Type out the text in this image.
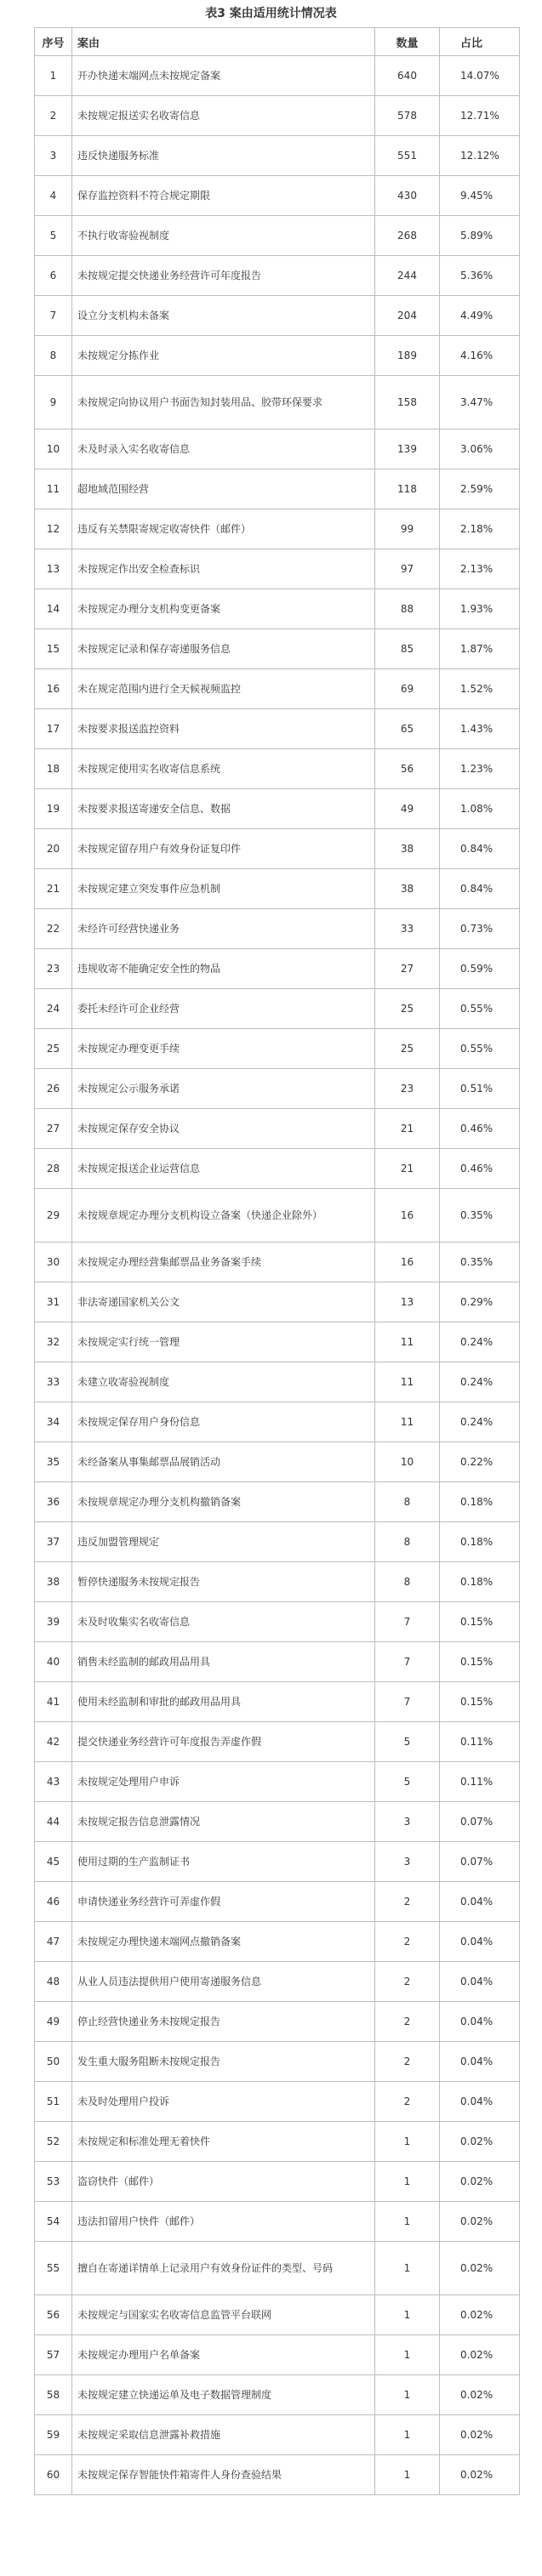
表3 案由适用统计情况表
序号	案由	数量	占比
1	开办快递末端网点未按规定备案	640	14.07%
2	未按规定报送实名收寄信息	578	12.71%
3	违反快递服务标准	551	12.12%
4	保存监控资料不符合规定期限	430	9.45%
5	不执行收寄验视制度	268	5.89%
6	未按规定提交快递业务经营许可年度报告	244	5.36%
7	设立分支机构未备案	204	4.49%
8	未按规定分拣作业	189	4.16%
9	未按规定向协议用户书面告知封装用品、胶带环保要求	158	3.47%
10	未及时录入实名收寄信息	139	3.06%
11	超地域范围经营	118	2.59%
12	违反有关禁限寄规定收寄快件（邮件）	99	2.18%
13	未按规定作出安全检查标识	97	2.13%
14	未按规定办理分支机构变更备案	88	1.93%
15	未按规定记录和保存寄递服务信息	85	1.87%
16	未在规定范围内进行全天候视频监控	69	1.52%
17	未按要求报送监控资料	65	1.43%
18	未按规定使用实名收寄信息系统	56	1.23%
19	未按要求报送寄递安全信息、数据	49	1.08%
20	未按规定留存用户有效身份证复印件	38	0.84%
21	未按规定建立突发事件应急机制	38	0.84%
22	未经许可经营快递业务	33	0.73%
23	违规收寄不能确定安全性的物品	27	0.59%
24	委托未经许可企业经营	25	0.55%
25	未按规定办理变更手续	25	0.55%
26	未按规定公示服务承诺	23	0.51%
27	未按规定保存安全协议	21	0.46%
28	未按规定报送企业运营信息	21	0.46%
29	未按规章规定办理分支机构设立备案（快递企业除外）	16	0.35%
30	未按规定办理经营集邮票品业务备案手续	16	0.35%
31	非法寄递国家机关公文	13	0.29%
32	未按规定实行统一管理	11	0.24%
33	未建立收寄验视制度	11	0.24%
34	未按规定保存用户身份信息	11	0.24%
35	未经备案从事集邮票品展销活动	10	0.22%
36	未按规章规定办理分支机构撤销备案	8	0.18%
37	违反加盟管理规定	8	0.18%
38	暂停快递服务未按规定报告	8	0.18%
39	未及时收集实名收寄信息	7	0.15%
40	销售未经监制的邮政用品用具	7	0.15%
41	使用未经监制和审批的邮政用品用具	7	0.15%
42	提交快递业务经营许可年度报告弄虚作假	5	0.11%
43	未按规定处理用户申诉	5	0.11%
44	未按规定报告信息泄露情况	3	0.07%
45	使用过期的生产监制证书	3	0.07%
46	申请快递业务经营许可弄虚作假	2	0.04%
47	未按规定办理快递末端网点撤销备案	2	0.04%
48	从业人员违法提供用户使用寄递服务信息	2	0.04%
49	停止经营快递业务未按规定报告	2	0.04%
50	发生重大服务阻断未按规定报告	2	0.04%
51	未及时处理用户投诉	2	0.04%
52	未按规定和标准处理无着快件	1	0.02%
53	盗窃快件（邮件）	1	0.02%
54	违法扣留用户快件（邮件）	1	0.02%
55	擅自在寄递详情单上记录用户有效身份证件的类型、号码	1	0.02%
56	未按规定与国家实名收寄信息监管平台联网	1	0.02%
57	未按规定办理用户名单备案	1	0.02%
58	未按规定建立快递运单及电子数据管理制度	1	0.02%
59	未按规定采取信息泄露补救措施	1	0.02%
60	未按规定保存智能快件箱寄件人身份查验结果	1	0.02%
